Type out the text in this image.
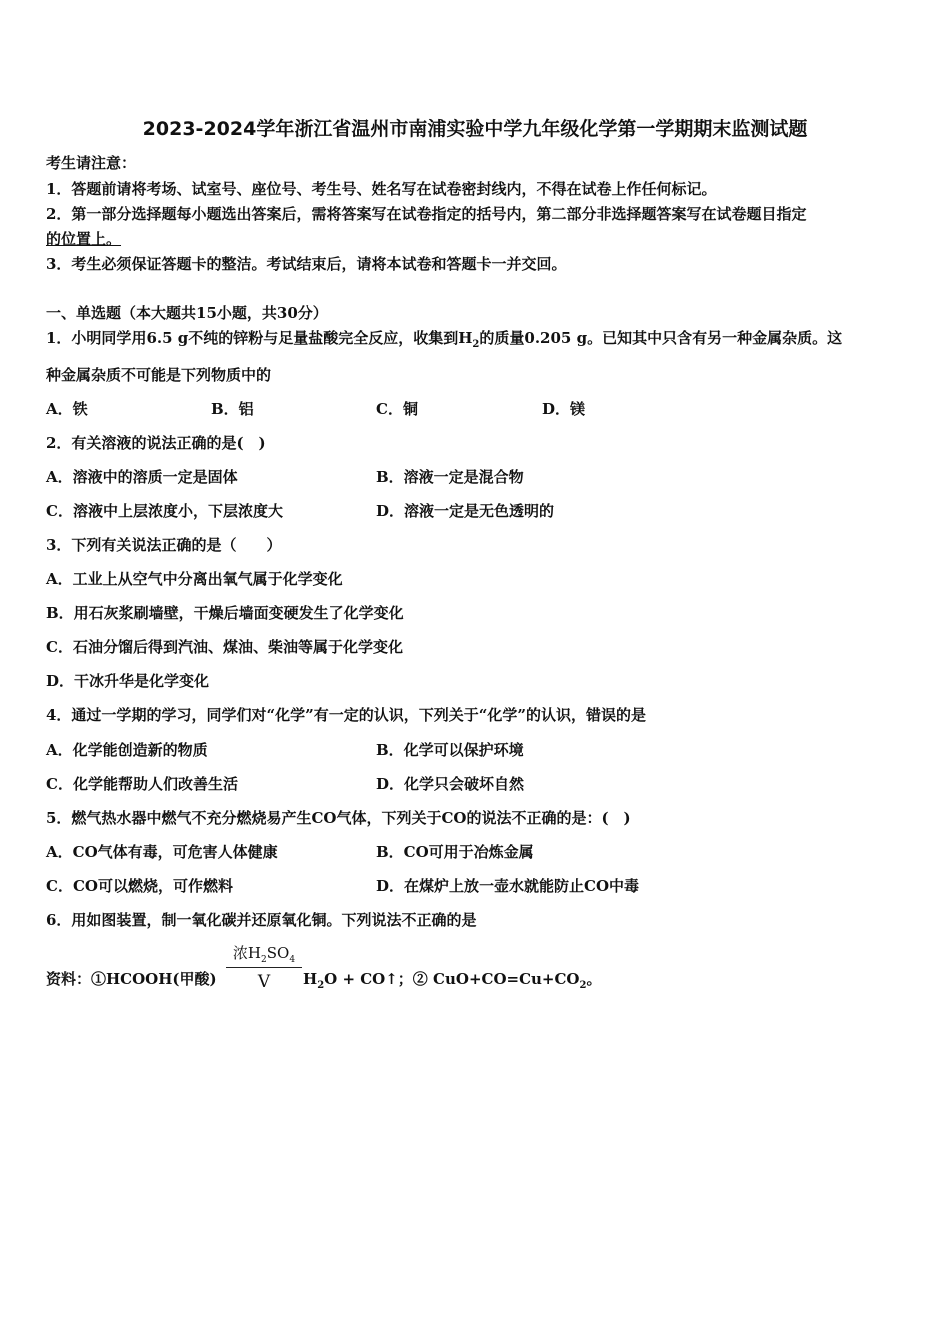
2023-2024学年浙江省温州市南浦实验中学九年级化学第一学期期末监测试题
考生请注意：
1．答题前请将考场、试室号、座位号、考生号、姓名写在试卷密封线内，不得在试卷上作任何标记。
2．第一部分选择题每小题选出答案后，需将答案写在试卷指定的括号内，第二部分非选择题答案写在试卷题目指定
的位置上。
3．考生必须保证答题卡的整洁。考试结束后，请将本试卷和答题卡一并交回。
一、单选题（本大题共15小题，共30分）
1．小明同学用6.5 g不纯的锌粉与足量盐酸完全反应，收集到$H_2$的质量0.205 g。已知其中只含有另一种金属杂质。这
种金属杂质不可能是下列物质中的
A．铁	B．铝	C．铜	D．镁
2．有关溶液的说法正确的是(　)
A．溶液中的溶质一定是固体	B．溶液一定是混合物
C．溶液中上层浓度小，下层浓度大	D．溶液一定是无色透明的
3．下列有关说法正确的是（　　）
A．工业上从空气中分离出氧气属于化学变化
B．用石灰浆刷墙壁，干燥后墙面变硬发生了化学变化
C．石油分馏后得到汽油、煤油、柴油等属于化学变化
D．干冰升华是化学变化
4．通过一学期的学习，同学们对“化学”有一定的认识，下列关于“化学”的认识，错误的是
A．化学能创造新的物质	B．化学可以保护环境
C．化学能帮助人们改善生活	D．化学只会破坏自然
5．燃气热水器中燃气不充分燃烧易产生CO气体，下列关于CO的说法不正确的是：(　)
A．CO气体有毒，可危害人体健康	B．CO可用于冶炼金属
C．CO可以燃烧，可作燃料	D．在煤炉上放一壶水就能防止CO中毒
6．用如图装置，制一氧化碳并还原氧化铜。下列说法不正确的是
资料：①HCOOH(甲酸)
浓$H_2SO_4$
V	$H_2O$ + CO↑；② $CuO+CO=Cu+CO_2$。
